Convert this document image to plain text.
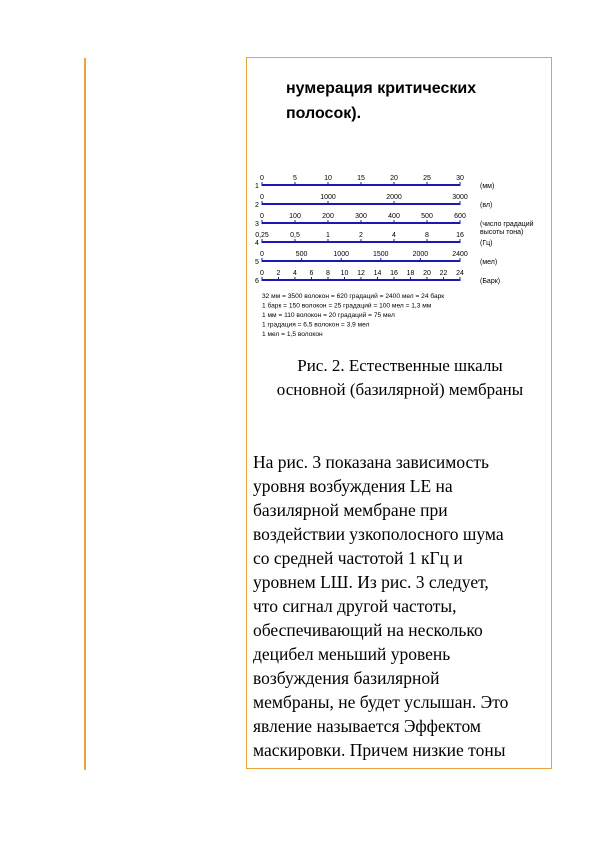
нумерация критических
полосок).
1
0	5	10	15	20	25	30
(мм)
2
0	1000	2000	3000
(вл)
3
0	100	200	300	400	500	600
(число градаций
высоты тона)
4
0,25	0,5	1	2	4	8	16
(Гц)
5
0	500	1000	1500	2000	2400
(мел)
6
0 2 4 6 8 10 12 14 16 18 20 22 24
(Барк)
32 мм = 3500 волокон = 620 градаций = 2400 мел = 24 барк
1 барк = 150 волокон = 25 градаций = 100 мел = 1,3 мм
1 мм = 110 волокон = 20 градаций = 75 мел
1 градация = 6,5 волокон = 3,9 мел
1 мел = 1,5 волокон
Рис. 2. Естественные шкалы
основной (базилярной) мембраны
На рис. 3 показана зависимость
уровня возбуждения LE на
базилярной мембране при
воздействии узкополосного шума
со средней частотой 1 кГц и
уровнем LШ. Из рис. 3 следует,
что сигнал другой частоты,
обеспечивающий на несколько
децибел меньший уровень
возбуждения базилярной
мембраны, не будет услышан. Это
явление называется Эффектом
маскировки. Причем низкие тоны
